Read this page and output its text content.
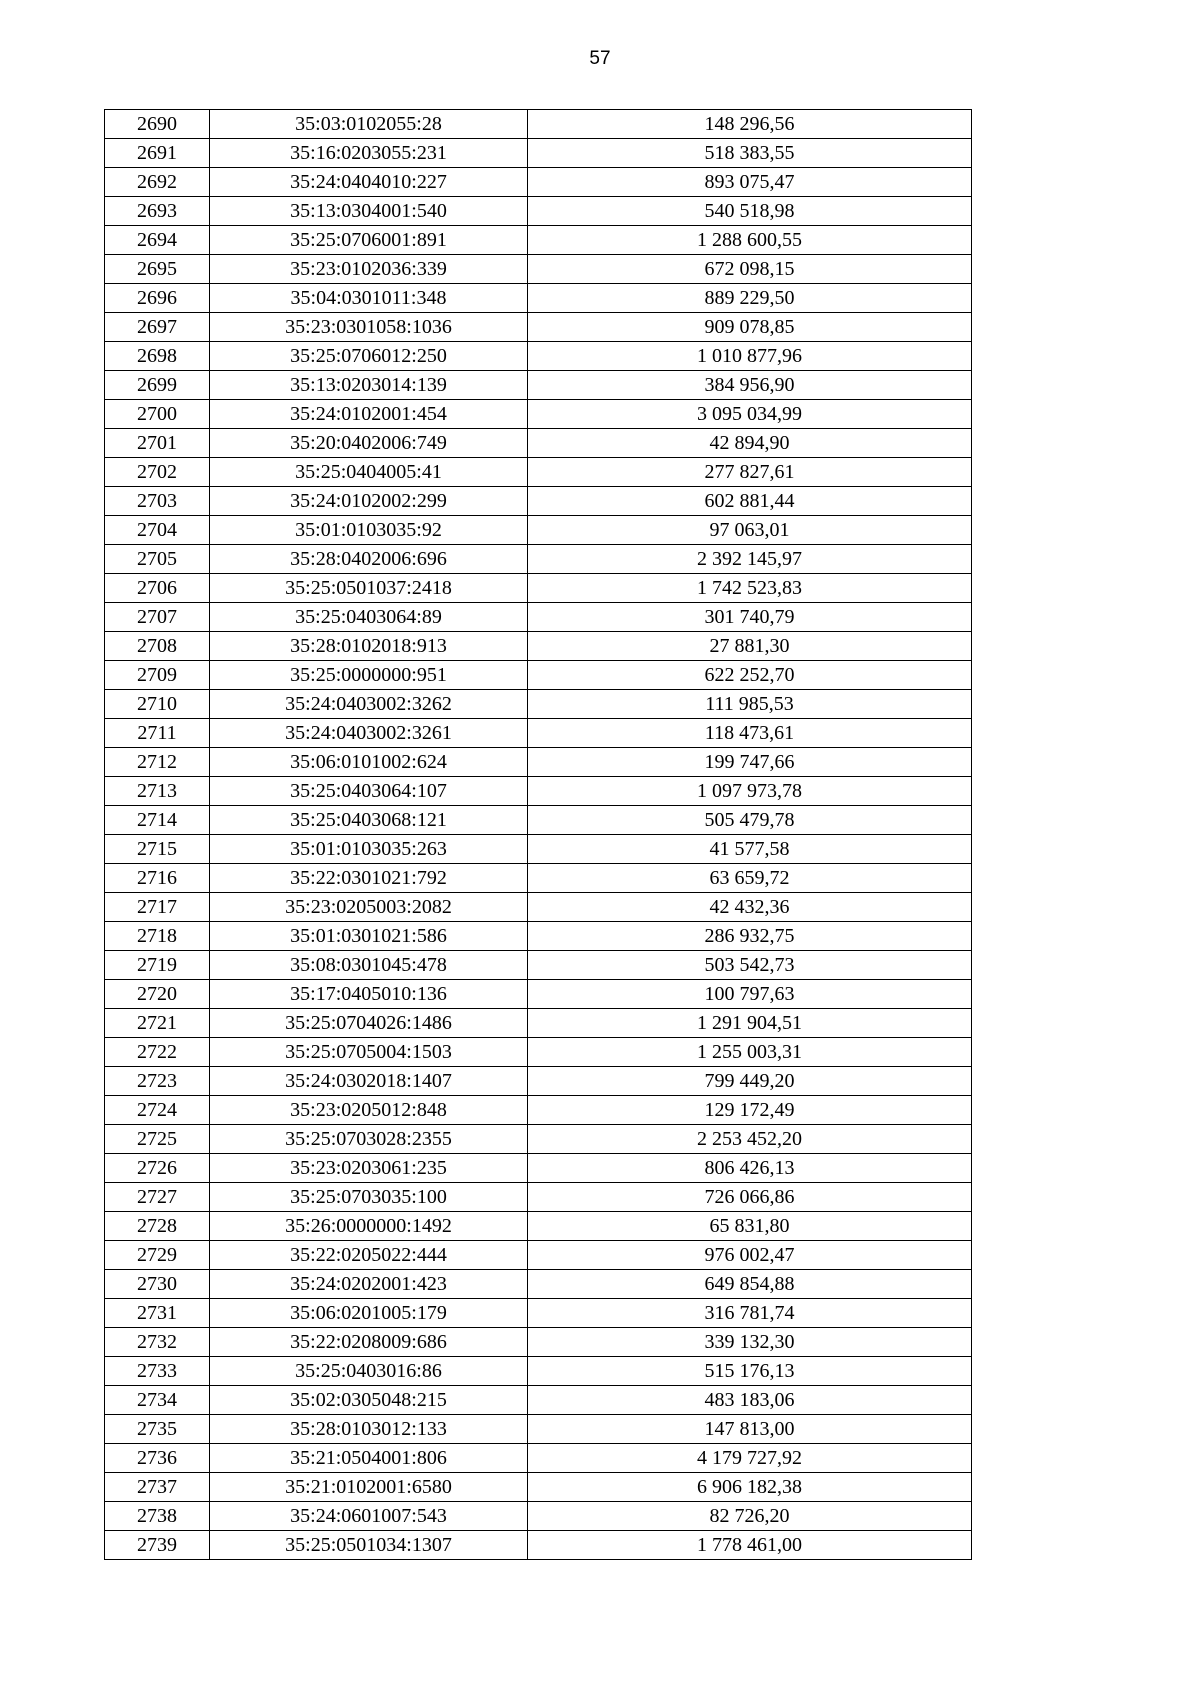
57
2690	35:03:0102055:28	148 296,56
2691	35:16:0203055:231	518 383,55
2692	35:24:0404010:227	893 075,47
2693	35:13:0304001:540	540 518,98
2694	35:25:0706001:891	1 288 600,55
2695	35:23:0102036:339	672 098,15
2696	35:04:0301011:348	889 229,50
2697	35:23:0301058:1036	909 078,85
2698	35:25:0706012:250	1 010 877,96
2699	35:13:0203014:139	384 956,90
2700	35:24:0102001:454	3 095 034,99
2701	35:20:0402006:749	42 894,90
2702	35:25:0404005:41	277 827,61
2703	35:24:0102002:299	602 881,44
2704	35:01:0103035:92	97 063,01
2705	35:28:0402006:696	2 392 145,97
2706	35:25:0501037:2418	1 742 523,83
2707	35:25:0403064:89	301 740,79
2708	35:28:0102018:913	27 881,30
2709	35:25:0000000:951	622 252,70
2710	35:24:0403002:3262	111 985,53
2711	35:24:0403002:3261	118 473,61
2712	35:06:0101002:624	199 747,66
2713	35:25:0403064:107	1 097 973,78
2714	35:25:0403068:121	505 479,78
2715	35:01:0103035:263	41 577,58
2716	35:22:0301021:792	63 659,72
2717	35:23:0205003:2082	42 432,36
2718	35:01:0301021:586	286 932,75
2719	35:08:0301045:478	503 542,73
2720	35:17:0405010:136	100 797,63
2721	35:25:0704026:1486	1 291 904,51
2722	35:25:0705004:1503	1 255 003,31
2723	35:24:0302018:1407	799 449,20
2724	35:23:0205012:848	129 172,49
2725	35:25:0703028:2355	2 253 452,20
2726	35:23:0203061:235	806 426,13
2727	35:25:0703035:100	726 066,86
2728	35:26:0000000:1492	65 831,80
2729	35:22:0205022:444	976 002,47
2730	35:24:0202001:423	649 854,88
2731	35:06:0201005:179	316 781,74
2732	35:22:0208009:686	339 132,30
2733	35:25:0403016:86	515 176,13
2734	35:02:0305048:215	483 183,06
2735	35:28:0103012:133	147 813,00
2736	35:21:0504001:806	4 179 727,92
2737	35:21:0102001:6580	6 906 182,38
2738	35:24:0601007:543	82 726,20
2739	35:25:0501034:1307	1 778 461,00
